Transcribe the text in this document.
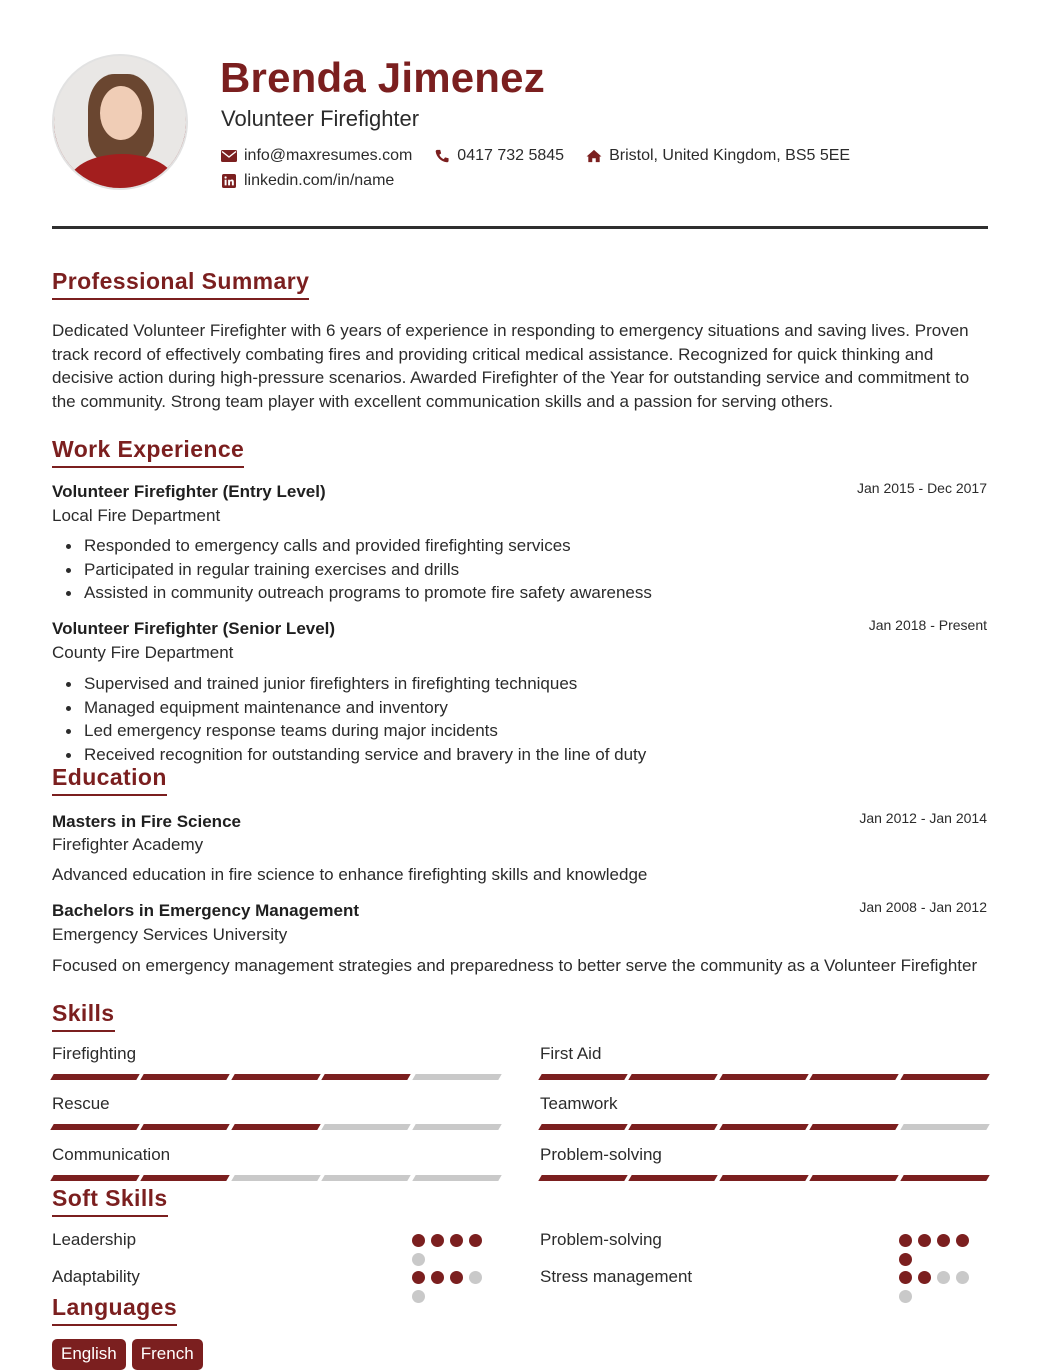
Brenda Jimenez
Volunteer Firefighter
info@maxresumes.com	0417 732 5845	Bristol, United Kingdom, BS5 5EE
linkedin.com/in/name
Professional Summary
Dedicated Volunteer Firefighter with 6 years of experience in responding to emergency situations and saving lives. Proven track record of effectively combating fires and providing critical medical assistance. Recognized for quick thinking and decisive action during high-pressure scenarios. Awarded Firefighter of the Year for outstanding service and commitment to the community. Strong team player with excellent communication skills and a passion for serving others.
Work Experience
Volunteer Firefighter (Entry Level)	Jan 2015 - Dec 2017
Local Fire Department
Responded to emergency calls and provided firefighting services
Participated in regular training exercises and drills
Assisted in community outreach programs to promote fire safety awareness
Volunteer Firefighter (Senior Level)	Jan 2018 - Present
County Fire Department
Supervised and trained junior firefighters in firefighting techniques
Managed equipment maintenance and inventory
Led emergency response teams during major incidents
Received recognition for outstanding service and bravery in the line of duty
Education
Masters in Fire Science	Jan 2012 - Jan 2014
Firefighter Academy
Advanced education in fire science to enhance firefighting skills and knowledge
Bachelors in Emergency Management	Jan 2008 - Jan 2012
Emergency Services University
Focused on emergency management strategies and preparedness to better serve the community as a Volunteer Firefighter
Skills
Firefighting	First Aid
Rescue	Teamwork
Communication	Problem-solving
Soft Skills
Leadership	Problem-solving
Adaptability	Stress management
Languages
English	French
